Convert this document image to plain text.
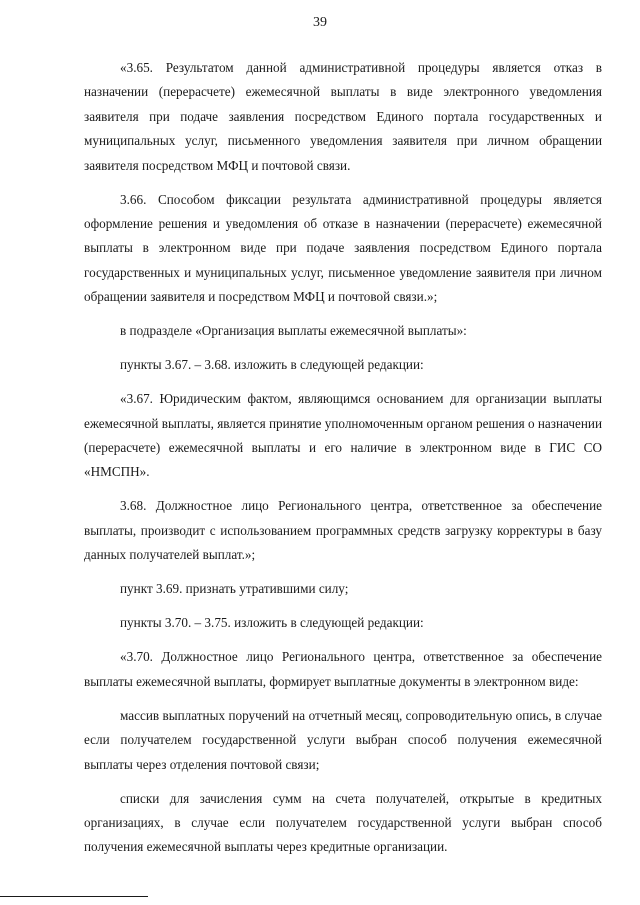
39

«3.65. Результатом данной административной процедуры является отказ в назначении (перерасчете) ежемесячной выплаты в виде электронного уведомления заявителя при подаче заявления посредством Единого портала государственных и муниципальных услуг, письменного уведомления заявителя при личном обращении заявителя посредством МФЦ и почтовой связи.

3.66. Способом фиксации результата административной процедуры является оформление решения и уведомления об отказе в назначении (перерасчете) ежемесячной выплаты в электронном виде при подаче заявления посредством Единого портала государственных и муниципальных услуг, письменное уведомление заявителя при личном обращении заявителя и посредством МФЦ и почтовой связи.»;

в подразделе «Организация выплаты ежемесячной выплаты»:

пункты 3.67. – 3.68. изложить в следующей редакции:

«3.67. Юридическим фактом, являющимся основанием для организации выплаты ежемесячной выплаты, является принятие уполномоченным органом решения о назначении (перерасчете) ежемесячной выплаты и его наличие в электронном виде в ГИС СО «НМСПН».

3.68. Должностное лицо Регионального центра, ответственное за обеспечение выплаты, производит с использованием программных средств загрузку корректуры в базу данных получателей выплат.»;

пункт 3.69. признать утратившими силу;

пункты 3.70. – 3.75. изложить в следующей редакции:

«3.70. Должностное лицо Регионального центра, ответственное за обеспечение выплаты ежемесячной выплаты, формирует выплатные документы в электронном виде:

массив выплатных поручений на отчетный месяц, сопроводительную опись, в случае если получателем государственной услуги выбран способ получения ежемесячной выплаты через отделения почтовой связи;

списки для зачисления сумм на счета получателей, открытые в кредитных организациях, в случае если получателем государственной услуги выбран способ получения ежемесячной выплаты через кредитные организации.
